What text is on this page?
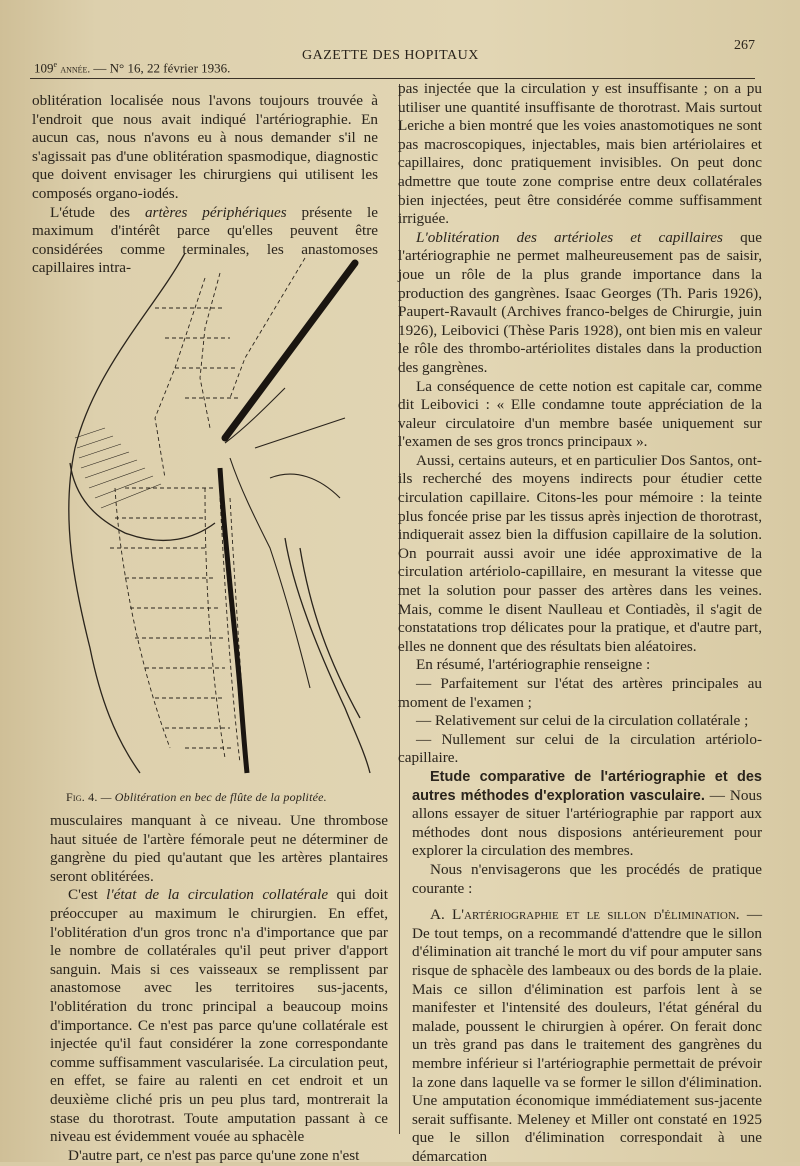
109e année. — N° 16, 22 février 1936.
GAZETTE DES HOPITAUX
267

oblitération localisée nous l'avons toujours trouvée à l'endroit que nous avait indiqué l'artériographie. En aucun cas, nous n'avons eu à nous demander s'il ne s'agissait pas d'une oblitération spasmodique, diagnostic que doivent envisager les chirurgiens qui utilisent les composés organo-iodés.

L'étude des artères périphériques présente le maximum d'intérêt parce qu'elles peuvent être considérées comme terminales, les anastomoses capillaires intra-

Fig. 4. — Oblitération en bec de flûte de la poplitée.

musculaires manquant à ce niveau. Une thrombose haut située de l'artère fémorale peut ne déterminer de gangrène du pied qu'autant que les artères plantaires seront oblitérées.

C'est l'état de la circulation collatérale qui doit préoccuper au maximum le chirurgien. En effet, l'oblitération d'un gros tronc n'a d'importance que par le nombre de collatérales qu'il peut priver d'apport sanguin. Mais si ces vaisseaux se remplissent par anastomose avec les territoires sus-jacents, l'oblitération du tronc principal a beaucoup moins d'importance. Ce n'est pas parce qu'une collatérale est injectée qu'il faut considérer la zone correspondante comme suffisamment vascularisée. La circulation peut, en effet, se faire au ralenti en cet endroit et un deuxième cliché pris un peu plus tard, montrerait la stase du thorotrast. Toute amputation passant à ce niveau est évidemment vouée au sphacèle

D'autre part, ce n'est pas parce qu'une zone n'est

pas injectée que la circulation y est insuffisante ; on a pu utiliser une quantité insuffisante de thorotrast. Mais surtout Leriche a bien montré que les voies anastomotiques ne sont pas macroscopiques, injectables, mais bien artériolaires et capillaires, donc pratiquement invisibles. On peut donc admettre que toute zone comprise entre deux collatérales bien injectées, peut être considérée comme suffisamment irriguée.

L'oblitération des artérioles et capillaires que l'artériographie ne permet malheureusement pas de saisir, joue un rôle de la plus grande importance dans la production des gangrènes. Isaac Georges (Th. Paris 1926), Paupert-Ravault (Archives franco-belges de Chirurgie, juin 1926), Leibovici (Thèse Paris 1928), ont bien mis en valeur le rôle des thrombo-artériolites distales dans la production des gangrènes.

La conséquence de cette notion est capitale car, comme dit Leibovici : « Elle condamne toute appréciation de la valeur circulatoire d'un membre basée uniquement sur l'examen de ses gros troncs principaux ».

Aussi, certains auteurs, et en particulier Dos Santos, ont-ils recherché des moyens indirects pour étudier cette circulation capillaire. Citons-les pour mémoire : la teinte plus foncée prise par les tissus après injection de thorotrast, indiquerait assez bien la diffusion capillaire de la solution. On pourrait aussi avoir une idée approximative de la circulation artériolo-capillaire, en mesurant la vitesse que met la solution pour passer des artères dans les veines. Mais, comme le disent Naulleau et Contiadès, il s'agit de constatations trop délicates pour la pratique, et d'autre part, elles ne donnent que des résultats bien aléatoires.

En résumé, l'artériographie renseigne :

— Parfaitement sur l'état des artères principales au moment de l'examen ;

— Relativement sur celui de la circulation collatérale ;

— Nullement sur celui de la circulation artériolo-capillaire.

Etude comparative de l'artériographie et des autres méthodes d'exploration vasculaire. — Nous allons essayer de situer l'artériographie par rapport aux méthodes dont nous disposions antérieurement pour explorer la circulation des membres.

Nous n'envisagerons que les procédés de pratique courante :

A. L'artériographie et le sillon d'élimination. — De tout temps, on a recommandé d'attendre que le sillon d'élimination ait tranché le mort du vif pour amputer sans risque de sphacèle des lambeaux ou des bords de la plaie. Mais ce sillon d'élimination est parfois lent à se manifester et l'intensité des douleurs, l'état général du malade, poussent le chirurgien à opérer. On ferait donc un très grand pas dans le traitement des gangrènes du membre inférieur si l'artériographie permettait de prévoir la zone dans laquelle va se former le sillon d'élimination. Une amputation économique immédiatement sus-jacente serait suffisante. Meleney et Miller ont constaté en 1925 que le sillon d'élimination correspondait à une démarcation
